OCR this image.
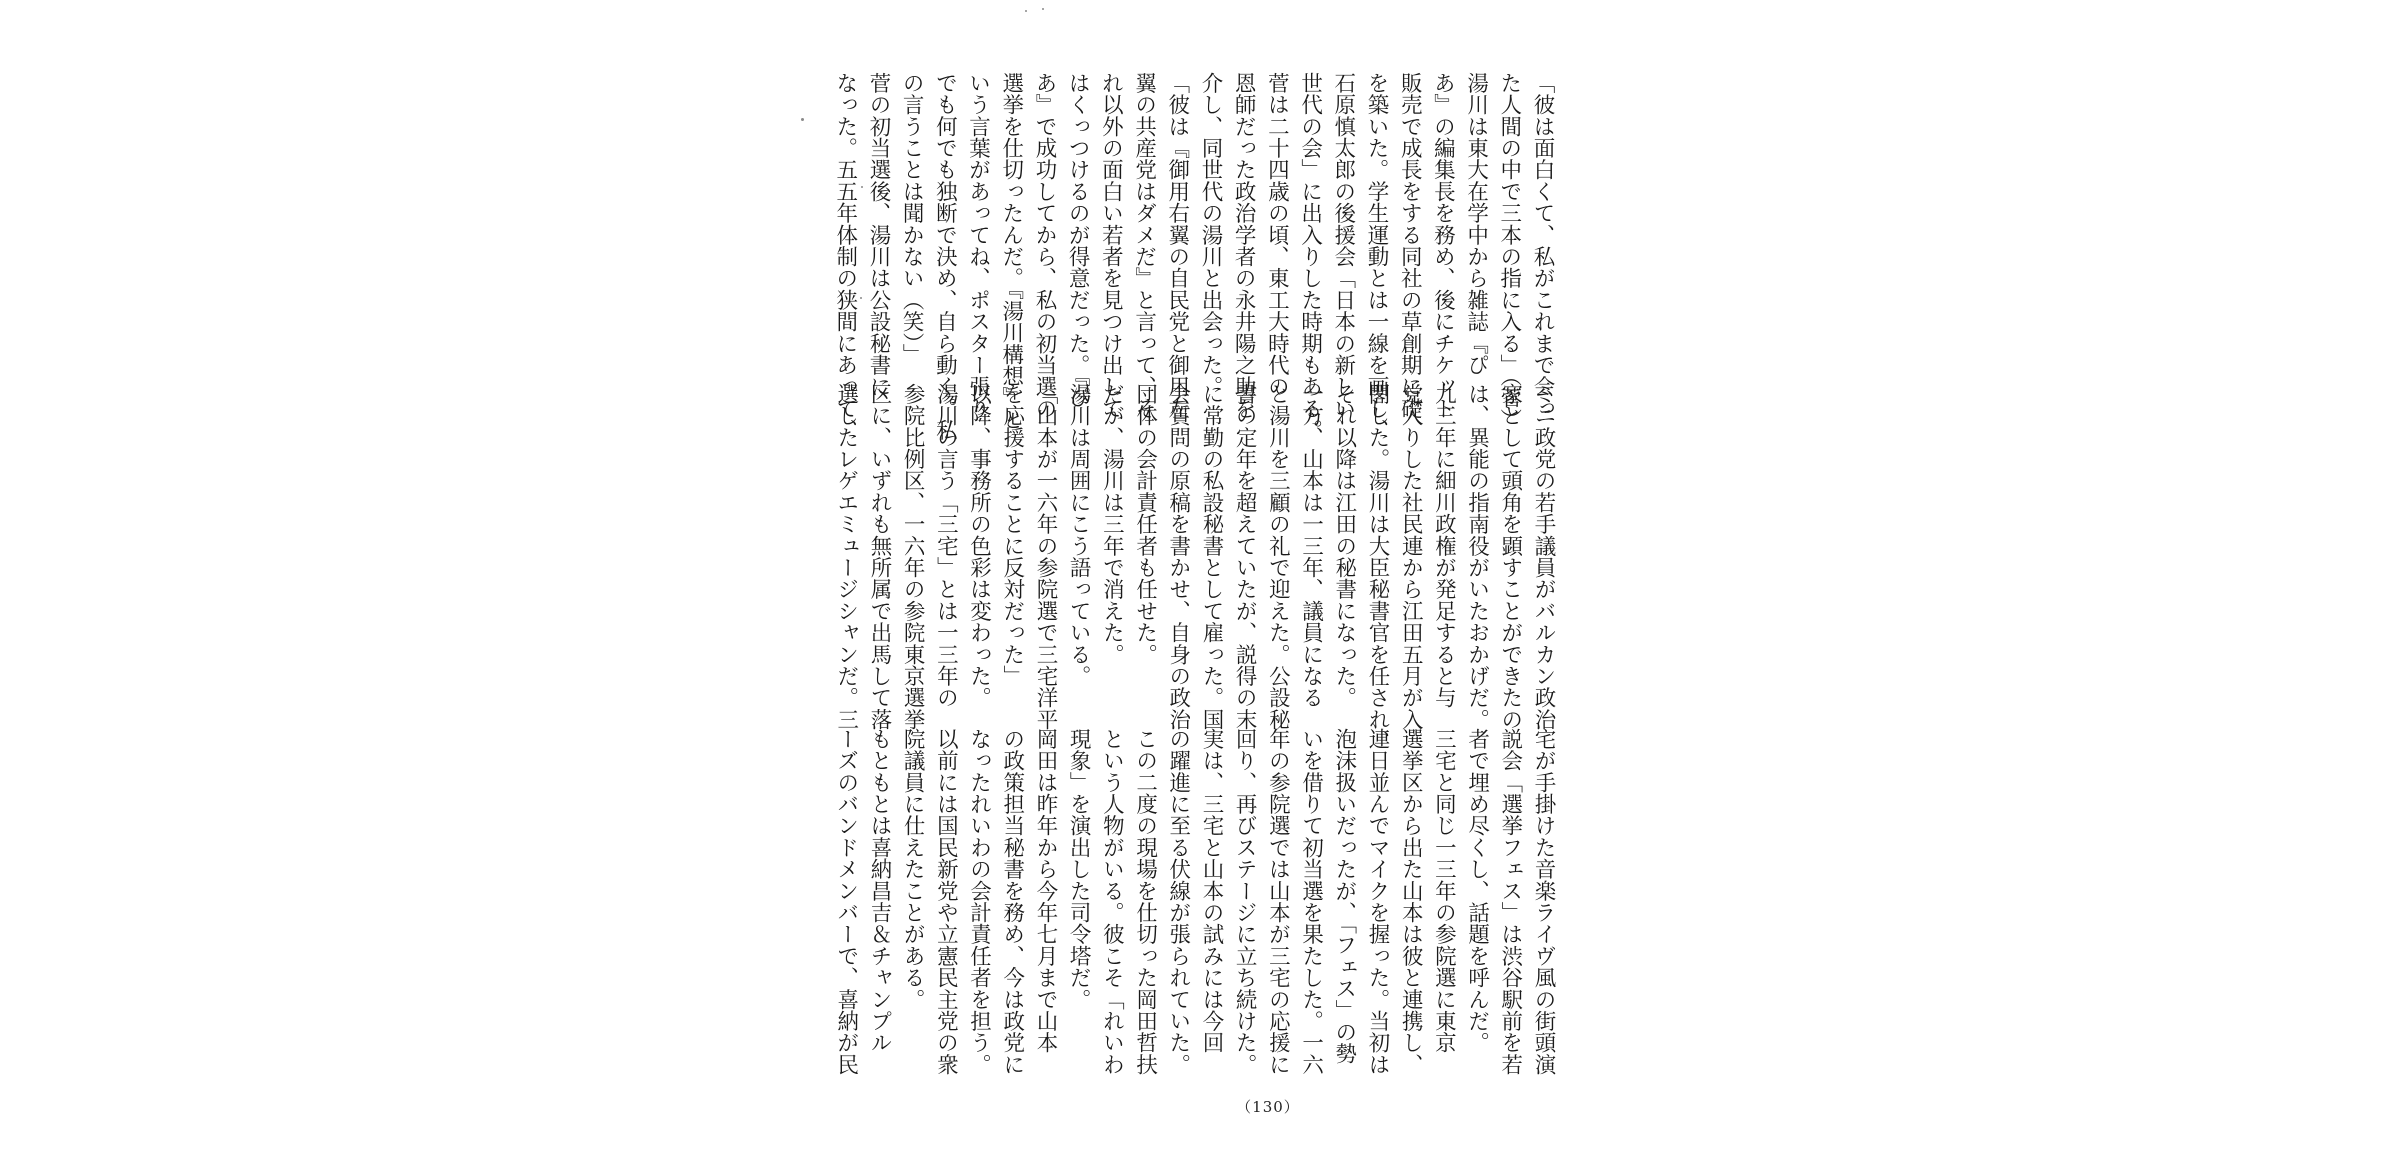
「彼は面白くて、私がこれまで会っ
た人間の中で三本の指に入る」（菅）
湯川は東大在学中から雑誌『ぴ
あ』の編集長を務め、後にチケット
販売で成長をする同社の草創期に礎
を築いた。学生運動とは一線を画し、
石原慎太郎の後援会「日本の新しい
世代の会」に出入りした時期もある。
菅は二十四歳の頃、東工大時代の
恩師だった政治学者の永井陽之助を
介し、同世代の湯川と出会った。
「彼は『御用右翼の自民党と御用左
翼の共産党はダメだ』と言って、そ
れ以外の面白い若者を見つけ出して
はくっつけるのが得意だった。『ぴ
あ』で成功してから、私の初当選の
選挙を仕切ったんだ。『湯川構想』と
いう言葉があってね、ポスター張り
でも何でも独断で決め、自ら動く。私
の言うことは聞かない（笑）」
菅の初当選後、湯川は公設秘書に
なった。五五年体制の狭間にあって、
ミニ政党の若手議員がバルカン政治
家として頭角を顕すことができたの
は、異能の指南役がいたおかげだ。
九三年に細川政権が発足すると与
党入りした社民連から江田五月が入
閣した。湯川は大臣秘書官を任され、
それ以降は江田の秘書になった。
一方、山本は一三年、議員になる
と湯川を三顧の礼で迎えた。公設秘
書の定年を超えていたが、説得の末
に常勤の私設秘書として雇った。国
会質問の原稿を書かせ、自身の政治
団体の会計責任者も任せた。
だが、湯川は三年で消えた。
湯川は周囲にこう語っている。
「山本が一六年の参院選で三宅洋平
を応援することに反対だった」
以降、事務所の色彩は変わった。
湯川の言う「三宅」とは一三年の
参院比例区、一六年の参院東京選挙
区に、いずれも無所属で出馬して落
選したレゲエミュージシャンだ。三
宅が手掛けた音楽ライヴ風の街頭演
説会「選挙フェス」は渋谷駅前を若
者で埋め尽くし、話題を呼んだ。
三宅と同じ一三年の参院選に東京
選挙区から出た山本は彼と連携し、
連日並んでマイクを握った。当初は
泡沫扱いだったが、「フェス」の勢
いを借りて初当選を果たした。一六
年の参院選では山本が三宅の応援に
回り、再びステージに立ち続けた。
実は、三宅と山本の試みには今回
の躍進に至る伏線が張られていた。
この二度の現場を仕切った岡田哲扶
という人物がいる。彼こそ「れいわ
現象」を演出した司令塔だ。
岡田は昨年から今年七月まで山本
の政策担当秘書を務め、今は政党に
なったれいわの会計責任者を担う。
以前には国民新党や立憲民主党の衆
院議員に仕えたことがある。
もともとは喜納昌吉＆チャンプル
ーズのバンドメンバーで、喜納が民
（130）
